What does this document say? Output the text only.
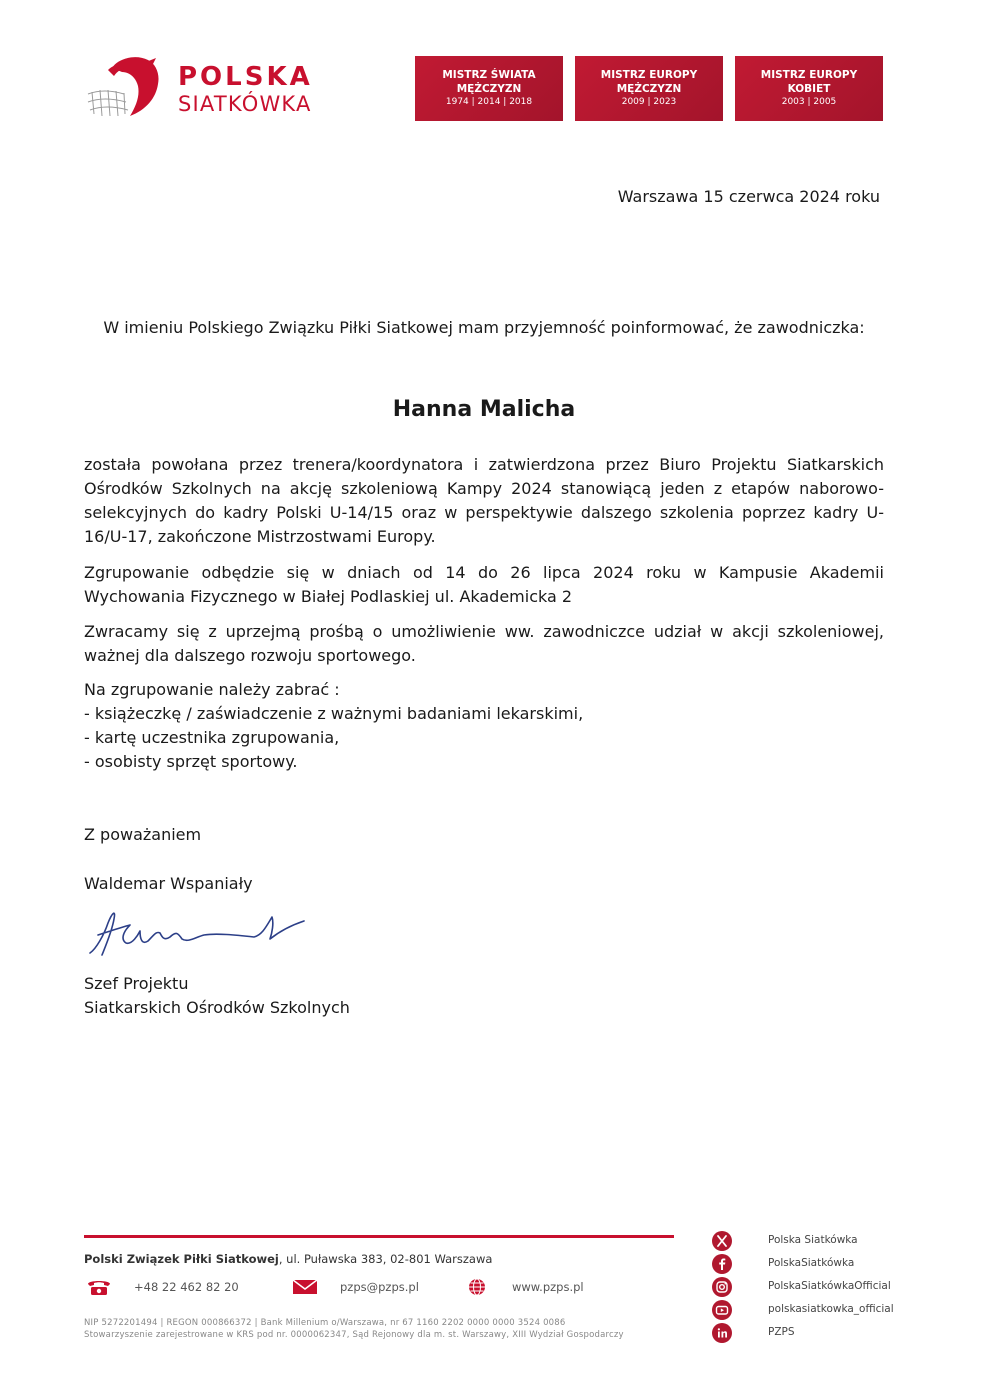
POLSKA
SIATKÓWKA
MISTRZ ŚWIATA
MĘŻCZYZN
1974 | 2014 | 2018
MISTRZ EUROPY
MĘŻCZYZN
2009 | 2023
MISTRZ EUROPY
KOBIET
2003 | 2005
Warszawa 15 czerwca 2024 roku
W imieniu Polskiego Związku Piłki Siatkowej mam przyjemność poinformować, że zawodniczka:
Hanna Malicha
została powołana przez trenera/koordynatora i zatwierdzona przez Biuro Projektu Siatkarskich Ośrodków Szkolnych na akcję szkoleniową Kampy 2024 stanowiącą jeden z etapów naborowo-selekcyjnych do kadry Polski U-14/15 oraz w perspektywie dalszego szkolenia poprzez kadry U-16/U-17, zakończone Mistrzostwami Europy.
Zgrupowanie odbędzie się w dniach od 14 do 26 lipca 2024 roku w Kampusie Akademii Wychowania Fizycznego w Białej Podlaskiej ul. Akademicka 2
Zwracamy się z uprzejmą prośbą o umożliwienie ww. zawodniczce udział w akcji szkoleniowej, ważnej dla dalszego rozwoju sportowego.
Na zgrupowanie należy zabrać :
- książeczkę / zaświadczenie z ważnymi badaniami lekarskimi,
- kartę uczestnika zgrupowania,
- osobisty sprzęt sportowy.
Z poważaniem
Waldemar Wspaniały
Szef Projektu
Siatkarskich Ośrodków Szkolnych
Polski Związek Piłki Siatkowej, ul. Puławska 383, 02-801 Warszawa
+48 22 462 82 20	pzps@pzps.pl	www.pzps.pl
NIP 5272201494 | REGON 000866372 | Bank Millenium o/Warszawa, nr 67 1160 2202 0000 0000 3524 0086
Stowarzyszenie zarejestrowane w KRS pod nr. 0000062347, Sąd Rejonowy dla m. st. Warszawy, XIII Wydział Gospodarczy
Polska Siatkówka
PolskaSiatkówka
PolskaSiatkówkaOfficial
polskasiatkowka_official
PZPS
